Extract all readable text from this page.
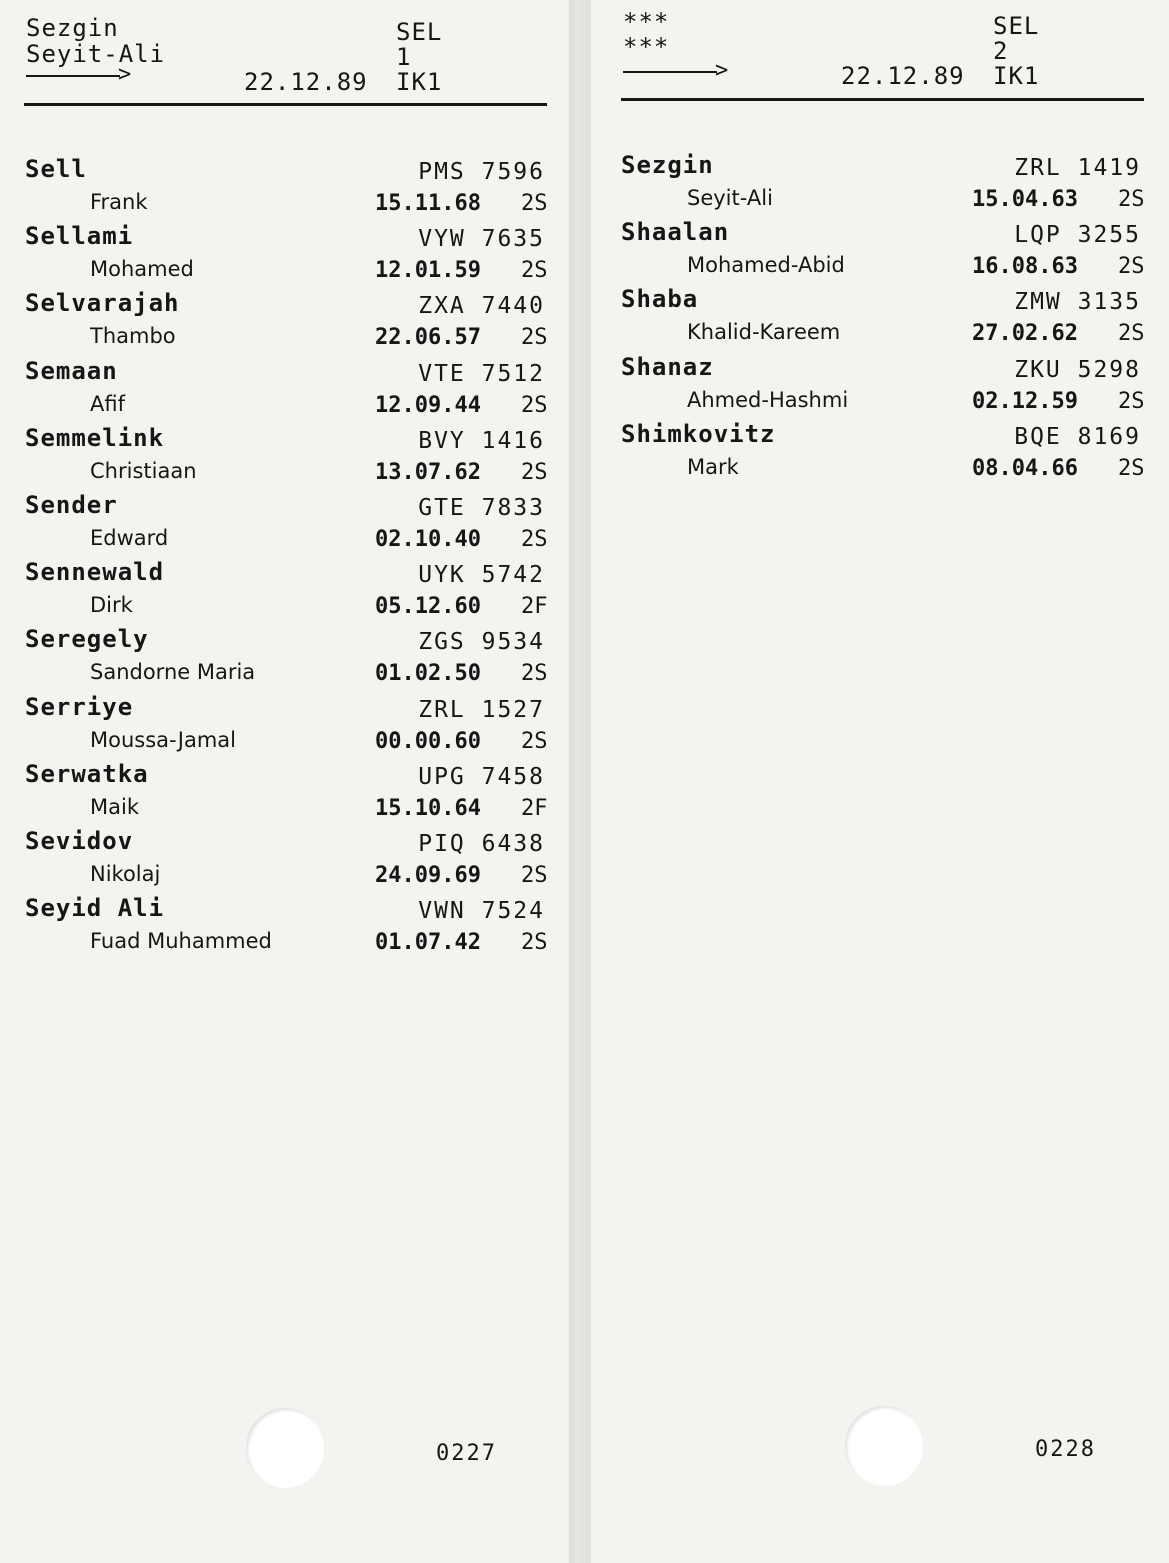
Sezgin
Seyit-Ali
>	22.12.89
SEL
1
IK1
Sell
Frank
PMS 7596
15.11.68 2S
Sellami
Mohamed
VYW 7635
12.01.59 2S
Selvarajah
Thambo
ZXA 7440
22.06.57 2S
Semaan
Afif
VTE 7512
12.09.44 2S
Semmelink
Christiaan
BVY 1416
13.07.62 2S
Sender
Edward
GTE 7833
02.10.40 2S
Sennewald
Dirk
UYK 5742
05.12.60 2F
Seregely
Sandorne Maria
ZGS 9534
01.02.50 2S
Serriye
Moussa-Jamal
ZRL 1527
00.00.60 2S
Serwatka
Maik
UPG 7458
15.10.64 2F
Sevidov
Nikolaj
PIQ 6438
24.09.69 2S
Seyid Ali
Fuad Muhammed
VWN 7524
01.07.42 2S
0227
***
***
>	22.12.89
SEL
2
IK1
Sezgin
Seyit-Ali
ZRL 1419
15.04.63 2S
Shaalan
Mohamed-Abid
LQP 3255
16.08.63 2S
Shaba
Khalid-Kareem
ZMW 3135
27.02.62 2S
Shanaz
Ahmed-Hashmi
ZKU 5298
02.12.59 2S
Shimkovitz
Mark
BQE 8169
08.04.66 2S
0228
